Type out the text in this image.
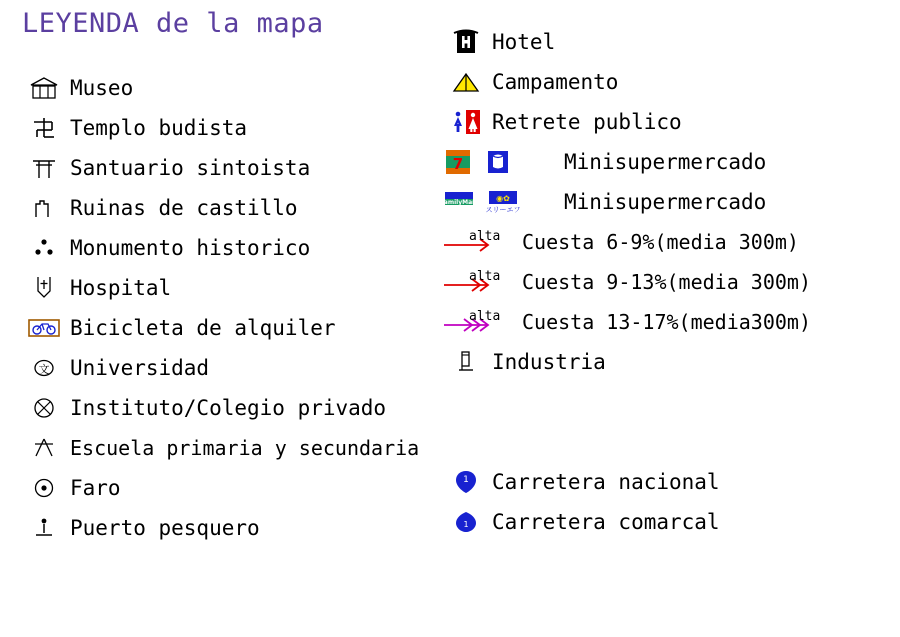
LEYENDA de la mapa
Museo
Templo budista
Santuario sintoista
Ruinas de castillo
Monumento historico
Hospital
Bicicleta de alquiler
文 Universidad
Instituto/Colegio privado
Escuela primaria y secundaria
Faro
Puerto pesquero
Hotel
Campamento
Retrete publico
7	Minisupermercado
FamilyMart ◉✿
スリーエフ Minisupermercado
alta Cuesta 6-9%(media 300m)
alta Cuesta 9-13%(media 300m)
alta Cuesta 13-17%(media300m)
Industria
1 Carretera nacional
1 Carretera comarcal
